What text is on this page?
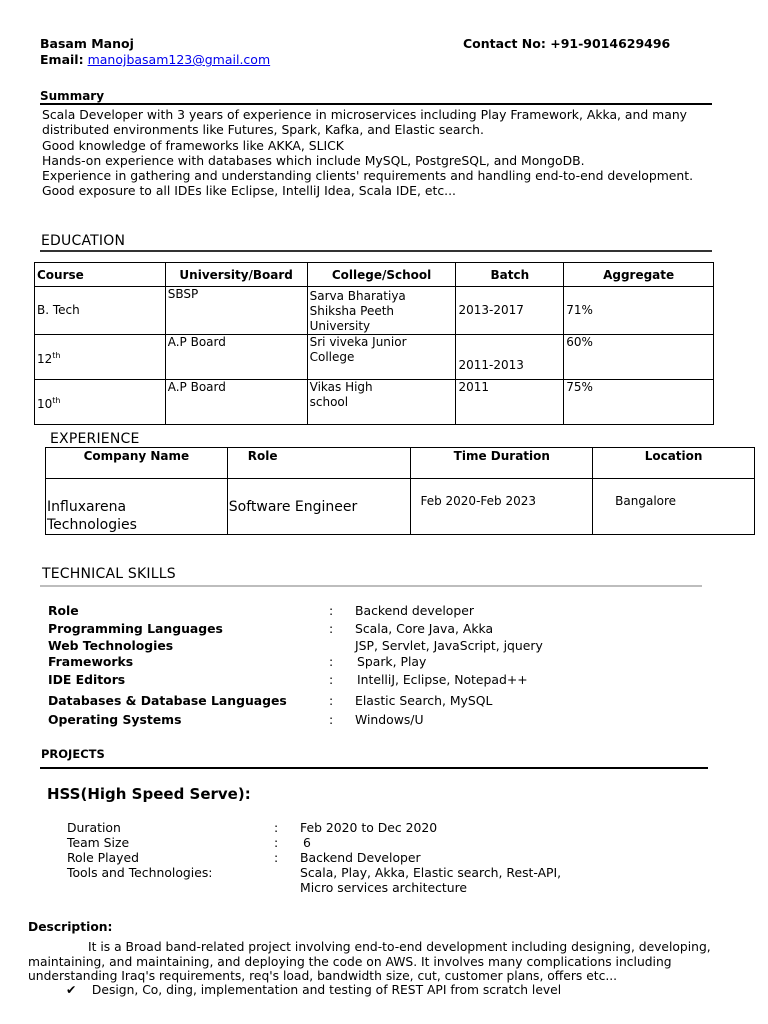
Basam Manoj	Contact No: +91-9014629496
Email: manojbasam123@gmail.com
Summary
Scala Developer with 3 years of experience in microservices including Play Framework, Akka, and many
distributed environments like Futures, Spark, Kafka, and Elastic search.
Good knowledge of frameworks like AKKA, SLICK
Hands-on experience with databases which include MySQL, PostgreSQL, and MongoDB.
Experience in gathering and understanding clients' requirements and handling end-to-end development.
Good exposure to all IDEs like Eclipse, IntelliJ Idea, Scala IDE, etc...
EDUCATION
Course	University/Board	College/School	Batch	Aggregate
B. Tech	SBSP	Sarva Bharatiya
Shiksha Peeth
University	2013-2017	71%
12th	A.P Board	Sri viveka Junior
College	2011-2013	60%
10th	A.P Board	Vikas High
school	2011	75%
EXPERIENCE
Company Name	Role	Time Duration	Location

Influxarena
Technologies	Software Engineer	Feb 2020-Feb 2023	Bangalore
TECHNICAL SKILLS
Role	: Backend developer
Programming Languages	: Scala, Core Java, Akka
Web Technologies	JSP, Servlet, JavaScript, jquery
Frameworks	: Spark, Play
IDE Editors	: IntelliJ, Eclipse, Notepad++
Databases & Database Languages	: Elastic Search, MySQL
Operating Systems	: Windows/U
PROJECTS
HSS(High Speed Serve):
Duration	: Feb 2020 to Dec 2020
Team Size	: 6
Role Played	: Backend Developer
Tools and Technologies:	Scala, Play, Akka, Elastic search, Rest-API,
Micro services architecture
Description:
It is a Broad band-related project involving end-to-end development including designing, developing,
maintaining, and maintaining, and deploying the code on AWS. It involves many complications including
understanding Iraq's requirements, req's load, bandwidth size, cut, customer plans, offers etc...
✔ Design, Co, ding, implementation and testing of REST API from scratch level
